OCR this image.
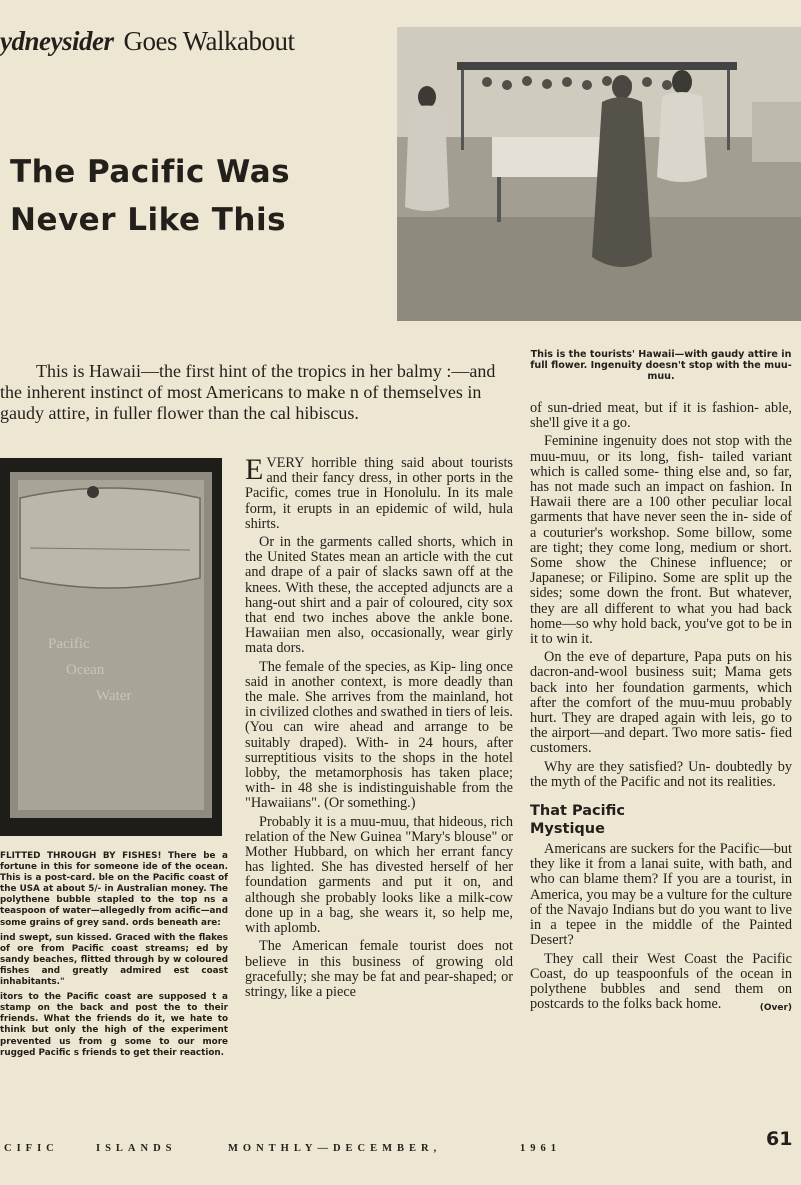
ydneysider Goes Walkabout
The Pacific Was
Never Like This
This is the tourists' Hawaii—with gaudy attire in full flower. Ingenuity doesn't stop with the muu-muu.
This is Hawaii—the first hint of the tropics in her balmy :—and the inherent instinct of most Americans to make n of themselves in gaudy attire, in fuller flower than the cal hibiscus.
Pacific
Ocean
Water

FLITTED THROUGH BY FISHES! There be a fortune in this for someone ide of the ocean. This is a post-card. ble on the Pacific coast of the USA at about 5/- in Australian money. The polythene bubble stapled to the top ns a teaspoon of water—allegedly from acific—and some grains of grey sand. ords beneath are:

ind swept, sun kissed. Graced with the flakes of ore from Pacific coast streams; ed by sandy beaches, flitted through by w coloured fishes and greatly admired est coast inhabitants."

itors to the Pacific coast are supposed t a stamp on the back and post the to their friends. What the friends do it, we hate to think but only the high of the experiment prevented us from g some to our more rugged Pacific s friends to get their reaction.

EVERY horrible thing said about tourists and their fancy dress, in other ports in the Pacific, comes true in Honolulu. In its male form, it erupts in an epidemic of wild, hula shirts.

Or in the garments called shorts, which in the United States mean an article with the cut and drape of a pair of slacks sawn off at the knees. With these, the accepted adjuncts are a hang-out shirt and a pair of coloured, city sox that end two inches above the ankle bone. Hawaiian men also, occasionally, wear girly mata dors.

The female of the species, as Kip- ling once said in another context, is more deadly than the male. She arrives from the mainland, hot in civilized clothes and swathed in tiers of leis. (You can wire ahead and arrange to be suitably draped). With- in 24 hours, after surreptitious visits to the shops in the hotel lobby, the metamorphosis has taken place; with- in 48 she is indistinguishable from the "Hawaiians". (Or something.)

Probably it is a muu-muu, that hideous, rich relation of the New Guinea "Mary's blouse" or Mother Hubbard, on which her errant fancy has lighted. She has divested herself of her foundation garments and put it on, and although she probably looks like a milk-cow done up in a bag, she wears it, so help me, with aplomb.

The American female tourist does not believe in this business of growing old gracefully; she may be fat and pear-shaped; or stringy, like a piece

of sun-dried meat, but if it is fashion- able, she'll give it a go.

Feminine ingenuity does not stop with the muu-muu, or its long, fish- tailed variant which is called some- thing else and, so far, has not made such an impact on fashion. In Hawaii there are a 100 other peculiar local garments that have never seen the in- side of a couturier's workshop. Some billow, some are tight; they come long, medium or short. Some show the Chinese influence; or Japanese; or Filipino. Some are split up the sides; some down the front. But whatever, they are all different to what you had back home—so why hold back, you've got to be in it to win it.

On the eve of departure, Papa puts on his dacron-and-wool business suit; Mama gets back into her foundation garments, which after the comfort of the muu-muu probably hurt. They are draped again with leis, go to the airport—and depart. Two more satis- fied customers.

Why are they satisfied? Un- doubtedly by the myth of the Pacific and not its realities.

That Pacific
Mystique

Americans are suckers for the Pacific—but they like it from a lanai suite, with bath, and who can blame them? If you are a tourist, in America, you may be a vulture for the culture of the Navajo Indians but do you want to live in a tepee in the middle of the Painted Desert?

They call their West Coast the Pacific Coast, do up teaspoonfuls of the ocean in polythene bubbles and send them on postcards to the folks back home.	(Over)

CIFIC	ISLANDS	MONTHLY—DECEMBER,	1961	61
